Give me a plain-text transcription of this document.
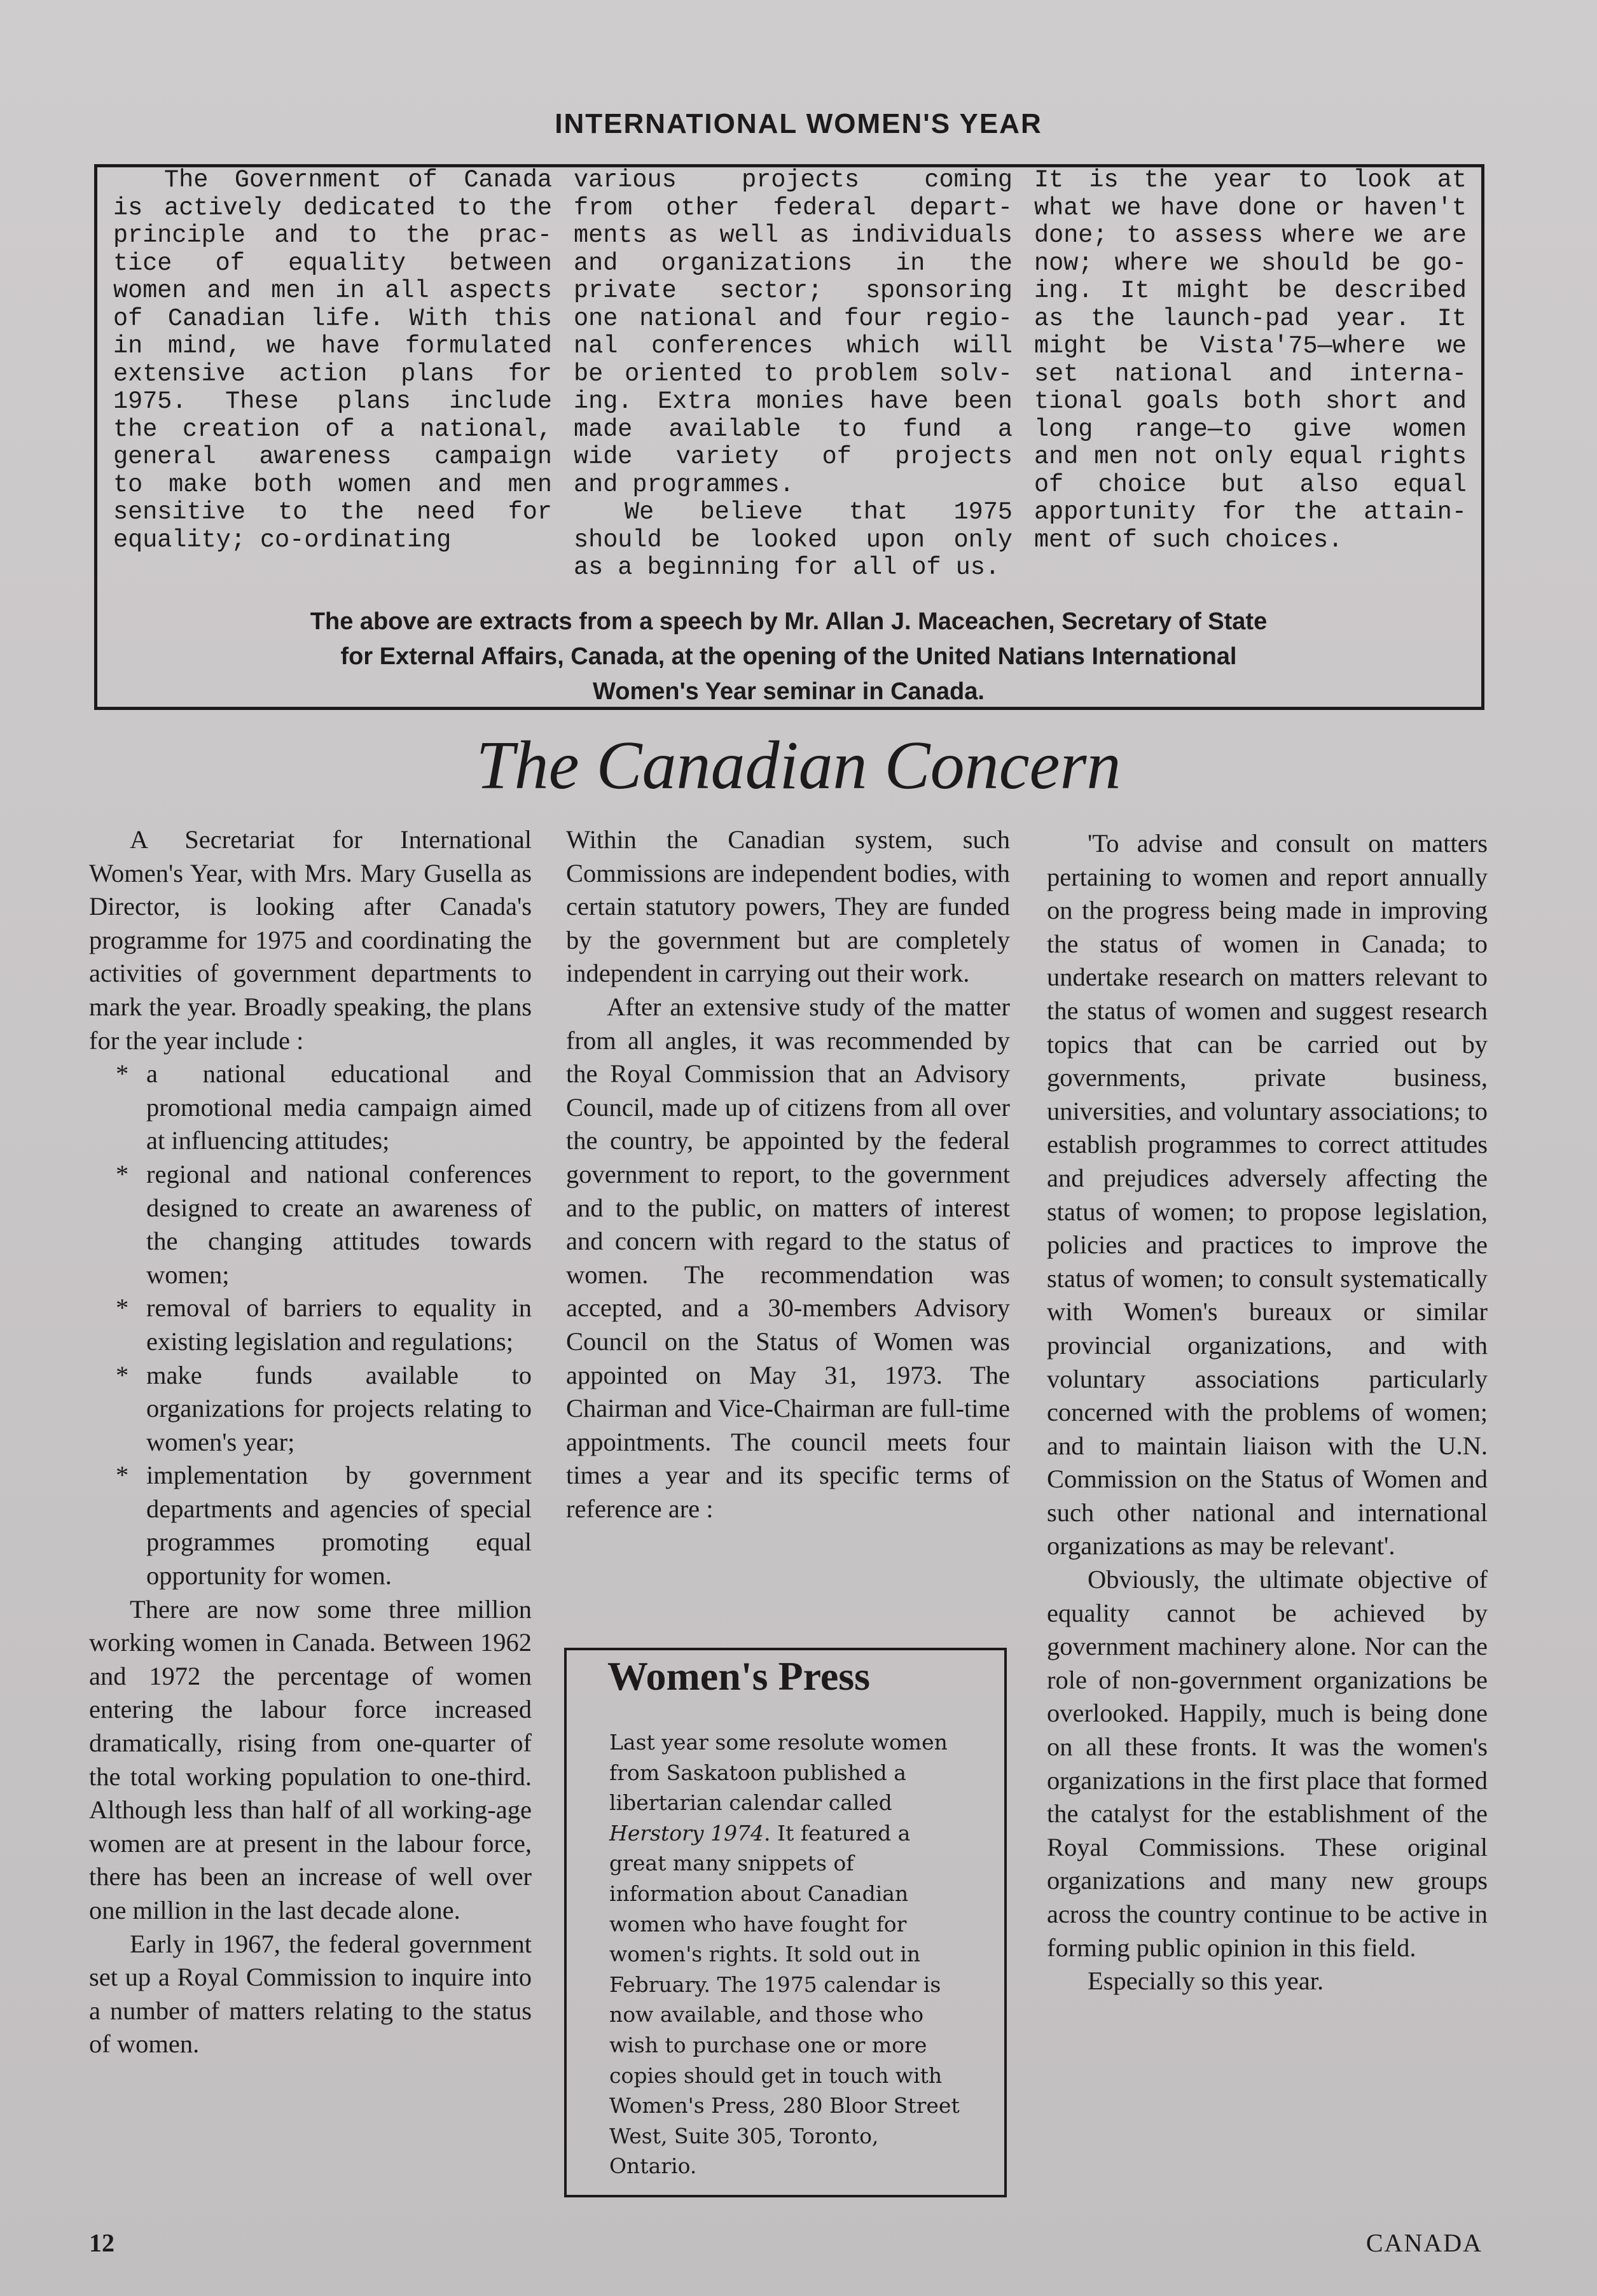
INTERNATIONAL WOMEN'S YEAR
The Government of Canada
is actively dedicated to the
principle and to the prac-
tice of equality between
women and men in all aspects
of Canadian life. With this
in mind, we have formulated
extensive action plans for
1975. These plans include
the creation of a national,
general awareness campaign
to make both women and men
sensitive to the need for
equality; co-ordinating
various projects coming
from other federal depart-
ments as well as individuals
and organizations in the
private sector; sponsoring
one national and four regio-
nal conferences which will
be oriented to problem solv-
ing. Extra monies have been
made available to fund a
wide variety of projects
and programmes.
We believe that 1975
should be looked upon only
as a beginning for all of us.
It is the year to look at
what we have done or haven't
done; to assess where we are
now; where we should be go-
ing. It might be described
as the launch-pad year. It
might be Vista'75—where we
set national and interna-
tional goals both short and
long range—to give women
and men not only equal rights
of choice but also equal
apportunity for the attain-
ment of such choices.
The above are extracts from a speech by Mr. Allan J. Maceachen, Secretary of State
for External Affairs, Canada, at the opening of the United Natians International
Women's Year seminar in Canada.
The Canadian Concern

A Secretariat for International Women's Year, with Mrs. Mary Gusella as Director, is looking after Canada's programme for 1975 and coordinating the activities of government departments to mark the year. Broadly speaking, the plans for the year include :

* a national educational and promotional media campaign aimed at influencing attitudes;
* regional and national conferences designed to create an awareness of the changing attitudes towards women;
* removal of barriers to equality in existing legislation and regulations;
* make funds available to organizations for projects relating to women's year;
* implementation by government departments and agencies of special programmes promoting equal opportunity for women.

There are now some three million working women in Canada. Between 1962 and 1972 the percentage of women entering the labour force increased dramatically, rising from one-quarter of the total working population to one-third. Although less than half of all working-age women are at present in the labour force, there has been an increase of well over one million in the last decade alone.

Early in 1967, the federal government set up a Royal Commission to inquire into a number of matters relating to the status of women.

Within the Canadian system, such Commissions are independent bodies, with certain statutory powers, They are funded by the government but are completely independent in carrying out their work.

After an extensive study of the matter from all angles, it was recommended by the Royal Commission that an Advisory Council, made up of citizens from all over the country, be appointed by the federal government to report, to the government and to the public, on matters of interest and concern with regard to the status of women. The recommendation was accepted, and a 30-members Advisory Council on the Status of Women was appointed on May 31, 1973. The Chairman and Vice-Chairman are full-time appointments. The council meets four times a year and its specific terms of reference are :

Women's Press
Last year some resolute women from Saskatoon published a libertarian calendar called Herstory 1974. It featured a great many snippets of information about Canadian women who have fought for women's rights. It sold out in February. The 1975 calendar is now available, and those who wish to purchase one or more copies should get in touch with Women's Press, 280 Bloor Street West, Suite 305, Toronto, Ontario.

'To advise and consult on matters pertaining to women and report annually on the progress being made in improving the status of women in Canada; to undertake research on matters relevant to the status of women and suggest research topics that can be carried out by governments, private business, universities, and voluntary associations; to establish programmes to correct attitudes and prejudices adversely affecting the status of women; to propose legislation, policies and practices to improve the status of women; to consult systematically with Women's bureaux or similar provincial organizations, and with voluntary associations particularly concerned with the problems of women; and to maintain liaison with the U.N. Commission on the Status of Women and such other national and international organizations as may be relevant'.

Obviously, the ultimate objective of equality cannot be achieved by government machinery alone. Nor can the role of non-government organizations be overlooked. Happily, much is being done on all these fronts. It was the women's organizations in the first place that formed the catalyst for the establishment of the Royal Commissions. These original organizations and many new groups across the country continue to be active in forming public opinion in this field.

Especially so this year.

12	CANADA
